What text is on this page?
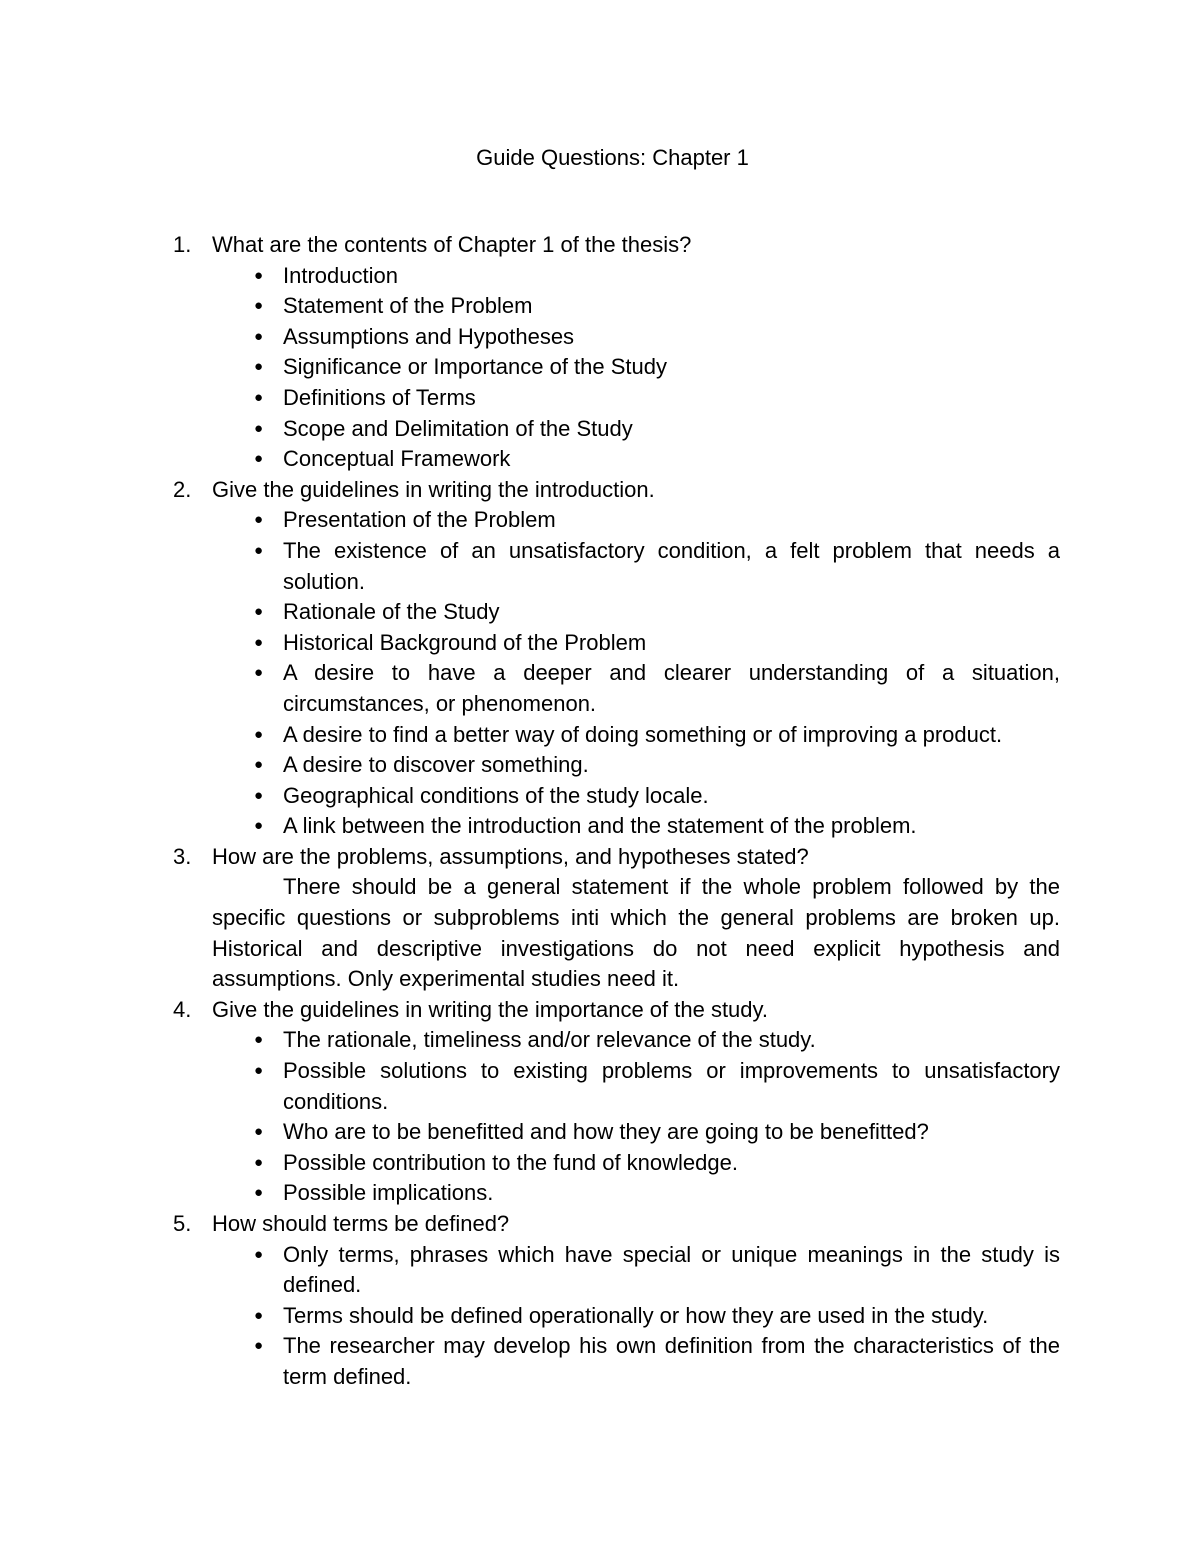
Guide Questions: Chapter 1
1. What are the contents of Chapter 1 of the thesis?
● Introduction
● Statement of the Problem
● Assumptions and Hypotheses
● Significance or Importance of the Study
● Definitions of Terms
● Scope and Delimitation of the Study
● Conceptual Framework
2. Give the guidelines in writing the introduction.
● Presentation of the Problem
● The existence of an unsatisfactory condition, a felt problem that needs a solution.
● Rationale of the Study
● Historical Background of the Problem
● A desire to have a deeper and clearer understanding of a situation, circumstances, or phenomenon.
● A desire to find a better way of doing something or of improving a product.
● A desire to discover something.
● Geographical conditions of the study locale.
● A link between the introduction and the statement of the problem.
3. How are the problems, assumptions, and hypotheses stated?
There should be a general statement if the whole problem followed by the specific questions or subproblems inti which the general problems are broken up. Historical and descriptive investigations do not need explicit hypothesis and assumptions. Only experimental studies need it.
4. Give the guidelines in writing the importance of the study.
● The rationale, timeliness and/or relevance of the study.
● Possible solutions to existing problems or improvements to unsatisfactory conditions.
● Who are to be benefitted and how they are going to be benefitted?
● Possible contribution to the fund of knowledge.
● Possible implications.
5. How should terms be defined?
● Only terms, phrases which have special or unique meanings in the study is defined.
● Terms should be defined operationally or how they are used in the study.
● The researcher may develop his own definition from the characteristics of the term defined.
